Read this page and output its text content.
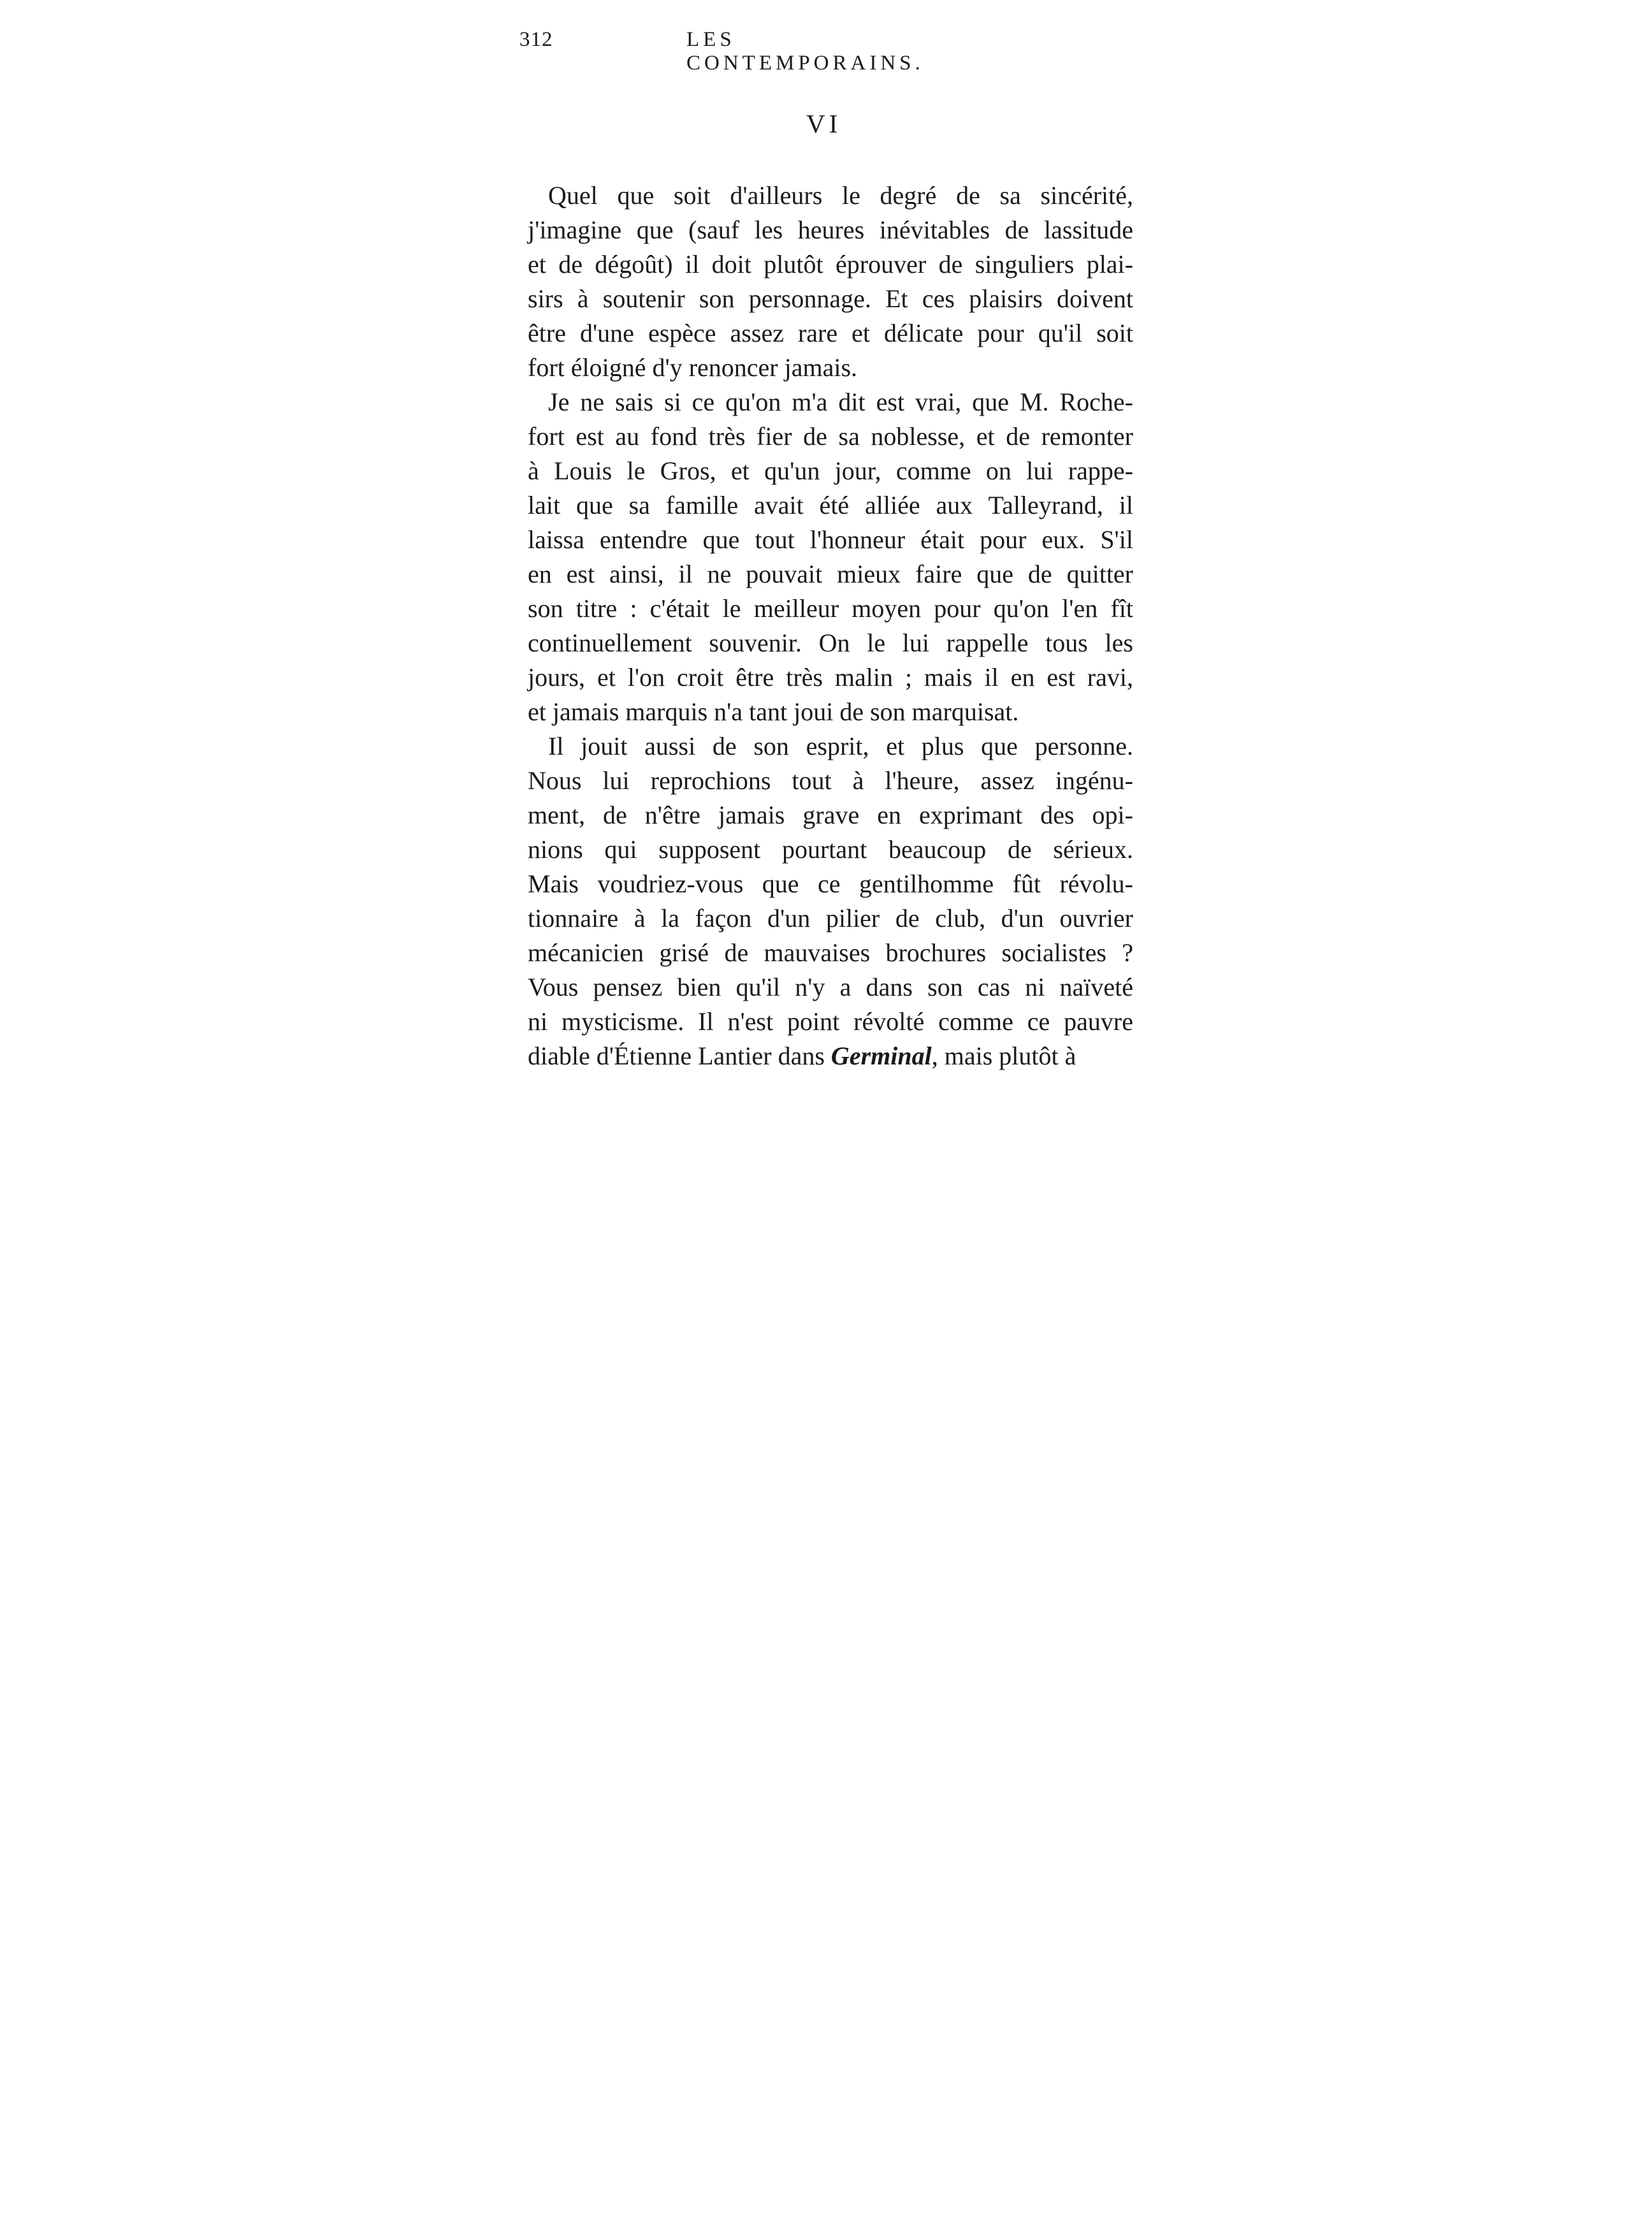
312	LES CONTEMPORAINS.
VI

Quel que soit d'ailleurs le degré de sa sincérité,
j'imagine que (sauf les heures inévitables de lassitude
et de dégoût) il doit plutôt éprouver de singuliers plai-
sirs à soutenir son personnage. Et ces plaisirs doivent
être d'une espèce assez rare et délicate pour qu'il soit
fort éloigné d'y renoncer jamais.

Je ne sais si ce qu'on m'a dit est vrai, que M. Roche-
fort est au fond très fier de sa noblesse, et de remonter
à Louis le Gros, et qu'un jour, comme on lui rappe-
lait que sa famille avait été alliée aux Talleyrand, il
laissa entendre que tout l'honneur était pour eux. S'il
en est ainsi, il ne pouvait mieux faire que de quitter
son titre : c'était le meilleur moyen pour qu'on l'en fît
continuellement souvenir. On le lui rappelle tous les
jours, et l'on croit être très malin ; mais il en est ravi,
et jamais marquis n'a tant joui de son marquisat.

Il jouit aussi de son esprit, et plus que personne.
Nous lui reprochions tout à l'heure, assez ingénu-
ment, de n'être jamais grave en exprimant des opi-
nions qui supposent pourtant beaucoup de sérieux.
Mais voudriez-vous que ce gentilhomme fût révolu-
tionnaire à la façon d'un pilier de club, d'un ouvrier
mécanicien grisé de mauvaises brochures socialistes ?
Vous pensez bien qu'il n'y a dans son cas ni naïveté
ni mysticisme. Il n'est point révolté comme ce pauvre
diable d'Étienne Lantier dans Germinal, mais plutôt à
